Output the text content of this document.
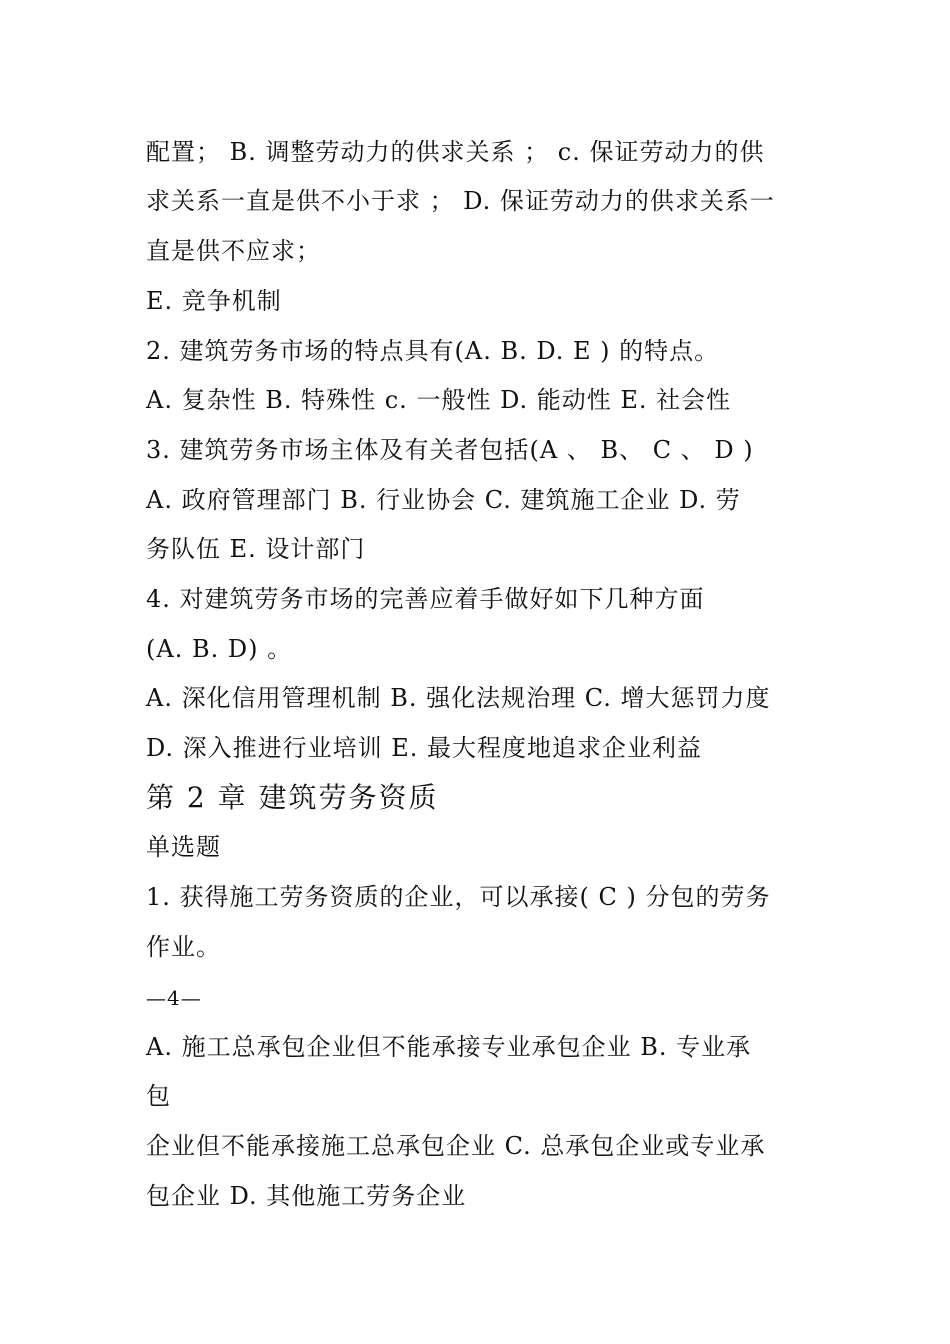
配置； B. 调整劳动力的供求关系 ； c. 保证劳动力的供
求关系一直是供不小于求 ； D. 保证劳动力的供求关系一
直是供不应求；
E. 竞争机制
2. 建筑劳务市场的特点具有(A. B. D. E ) 的特点。
A. 复杂性 B. 特殊性 c. 一般性 D. 能动性 E. 社会性
3. 建筑劳务市场主体及有关者包括(A 、 B、 C 、 D )
A. 政府管理部门 B. 行业协会 C. 建筑施工企业 D. 劳
务队伍 E. 设计部门
4. 对建筑劳务市场的完善应着手做好如下几种方面
(A. B. D) 。
A. 深化信用管理机制 B. 强化法规治理 C. 增大惩罚力度
D. 深入推进行业培训 E. 最大程度地追求企业利益
第 2 章 建筑劳务资质
单选题
1. 获得施工劳务资质的企业，可以承接( C ) 分包的劳务
作业。
—4—
A. 施工总承包企业但不能承接专业承包企业 B. 专业承
包
企业但不能承接施工总承包企业 C. 总承包企业或专业承
包企业 D. 其他施工劳务企业
